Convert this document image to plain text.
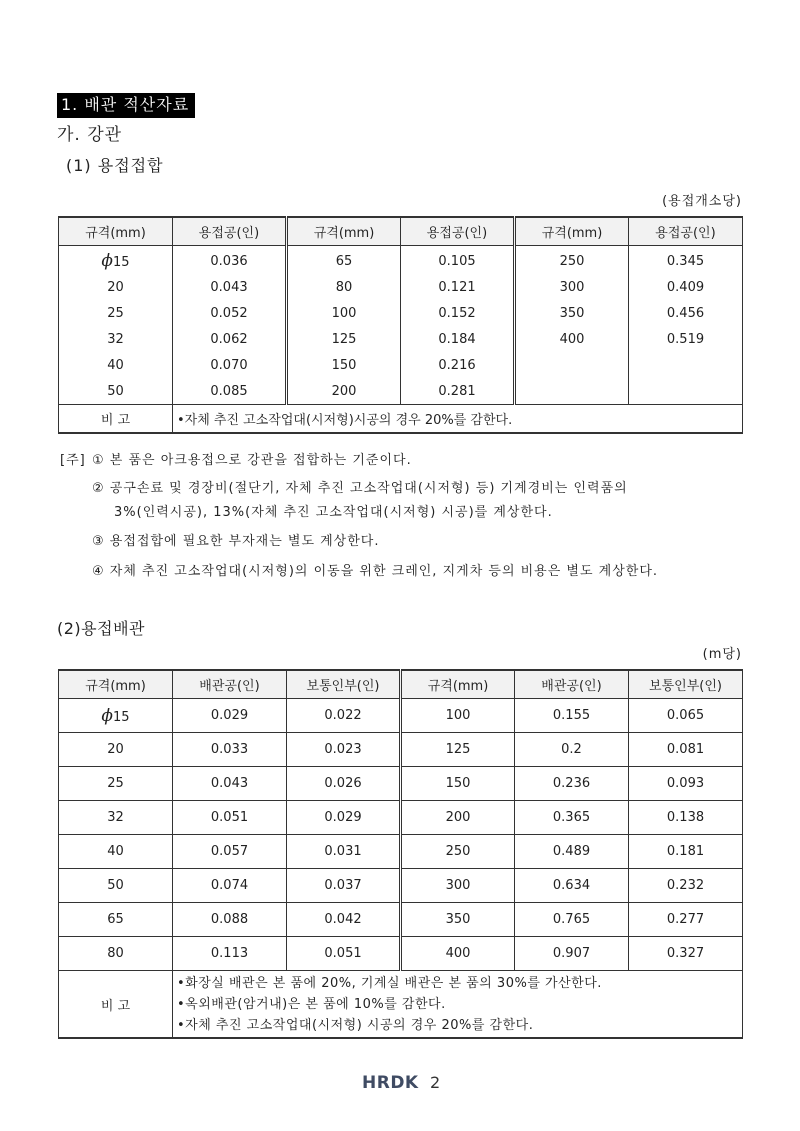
1. 배관 적산자료
가. 강관
(1) 용접접합
(용접개소당)
규격(mm)	용접공(인)	규격(mm)	용접공(인)	규격(mm)	용접공(인)
ϕ15	0.036	65	0.105	250	0.345
20	0.043	80	0.121	300	0.409
25	0.052	100	0.152	350	0.456
32	0.062	125	0.184	400	0.519
40	0.070	150	0.216		
50	0.085	200	0.281		
비 고	•자체 추진 고소작업대(시저형)시공의 경우 20%를 감한다.				
[주] ① 본 품은 아크용접으로 강관을 접합하는 기준이다.
② 공구손료 및 경장비(절단기, 자체 추진 고소작업대(시저형) 등) 기계경비는 인력품의
3%(인력시공), 13%(자체 추진 고소작업대(시저형) 시공)를 계상한다.
③ 용접접합에 필요한 부자재는 별도 계상한다.
④ 자체 추진 고소작업대(시저형)의 이동을 위한 크레인, 지게차 등의 비용은 별도 계상한다.
(2)용접배관
(m당)
규격(mm)	배관공(인)	보통인부(인)	규격(mm)	배관공(인)	보통인부(인)
ϕ15	0.029	0.022	100	0.155	0.065
20	0.033	0.023	125	0.2	0.081
25	0.043	0.026	150	0.236	0.093
32	0.051	0.029	200	0.365	0.138
40	0.057	0.031	250	0.489	0.181
50	0.074	0.037	300	0.634	0.232
65	0.088	0.042	350	0.765	0.277
80	0.113	0.051	400	0.907	0.327
비 고	•화장실 배관은 본 품에 20%, 기계실 배관은 본 품의 30%를 가산한다.
•옥외배관(암거내)은 본 품에 10%를 감한다.
•자체 추진 고소작업대(시저형) 시공의 경우 20%를 감한다.				
HRDK 2
